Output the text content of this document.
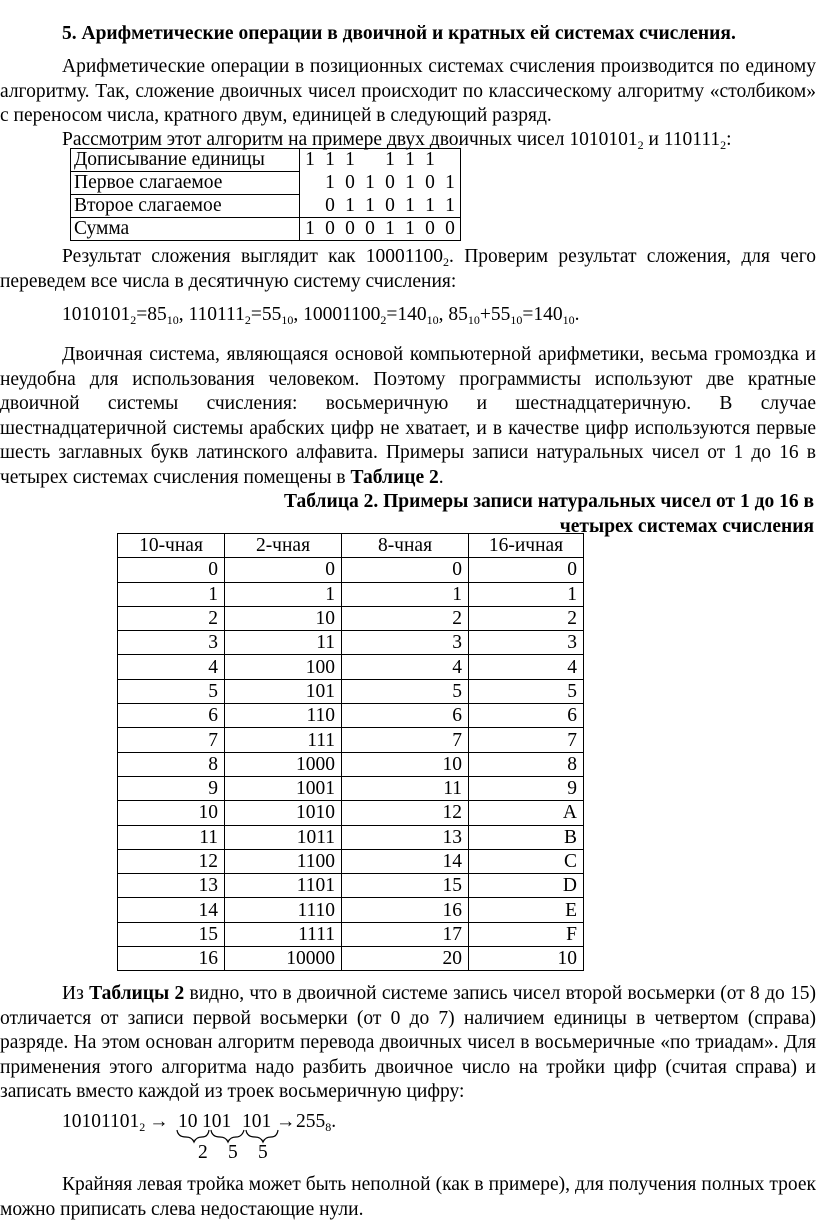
5. Арифметические операции в двоичной и кратных ей системах счисления.
Арифметические операции в позиционных системах счисления производится по единому алгоритму. Так, сложение двоичных чисел происходит по классическому алгоритму «столбиком» с переносом числа, кратного двум, единицей в следующий разряд.
Рассмотрим этот алгоритм на примере двух двоичных чисел $1010101_2$ и $110111_2$:
Дописывание единицы	1	1	1		1	1	1	
Первое слагаемое		1	0	1	0	1	0	1
Второе слагаемое		0	1	1	0	1	1	1
Сумма	1	0	0	0	1	1	0	0
Результат сложения выглядит как $10001100_2$. Проверим результат сложения, для чего переведем все числа в десятичную систему счисления:
$1010101_2=85_{10}$, $110111_2=55_{10}$, $10001100_2=140_{10}$, $85_{10}+55_{10}=140_{10}$.
Двоичная система, являющаяся основой компьютерной арифметики, весьма громоздка и неудобна для использования человеком. Поэтому программисты используют две кратные двоичной системы счисления: восьмеричную и шестнадцатеричную. В случае шестнадцатеричной системы арабских цифр не хватает, и в качестве цифр используются первые шесть заглавных букв латинского алфавита. Примеры записи натуральных чисел от 1 до 16 в четырех системах счисления помещены в Таблице 2.
Таблица 2. Примеры записи натуральных чисел от 1 до 16 в четырех системах счисления
10-чная	2-чная	8-чная	16-ичная
0	0	0	0
1	1	1	1
2	10	2	2
3	11	3	3
4	100	4	4
5	101	5	5
6	110	6	6
7	111	7	7
8	1000	10	8
9	1001	11	9
10	1010	12	A
11	1011	13	B
12	1100	14	C
13	1101	15	D
14	1110	16	E
15	1111	17	F
16	10000	20	10
Из Таблицы 2 видно, что в двоичной системе запись чисел второй восьмерки (от 8 до 15) отличается от записи первой восьмерки (от 0 до 7) наличием единицы в четвертом (справа) разряде. На этом основан алгоритм перевода двоичных чисел в восьмеричные «по триадам». Для применения этого алгоритма надо разбить двоичное число на тройки цифр (считая справа) и записать вместо каждой из троек восьмеричную цифру:
$10101101_2 \to 10$ 101 $101 \to 255_8$.
2 5 5
Крайняя левая тройка может быть неполной (как в примере), для получения полных троек можно приписать слева недостающие нули.
